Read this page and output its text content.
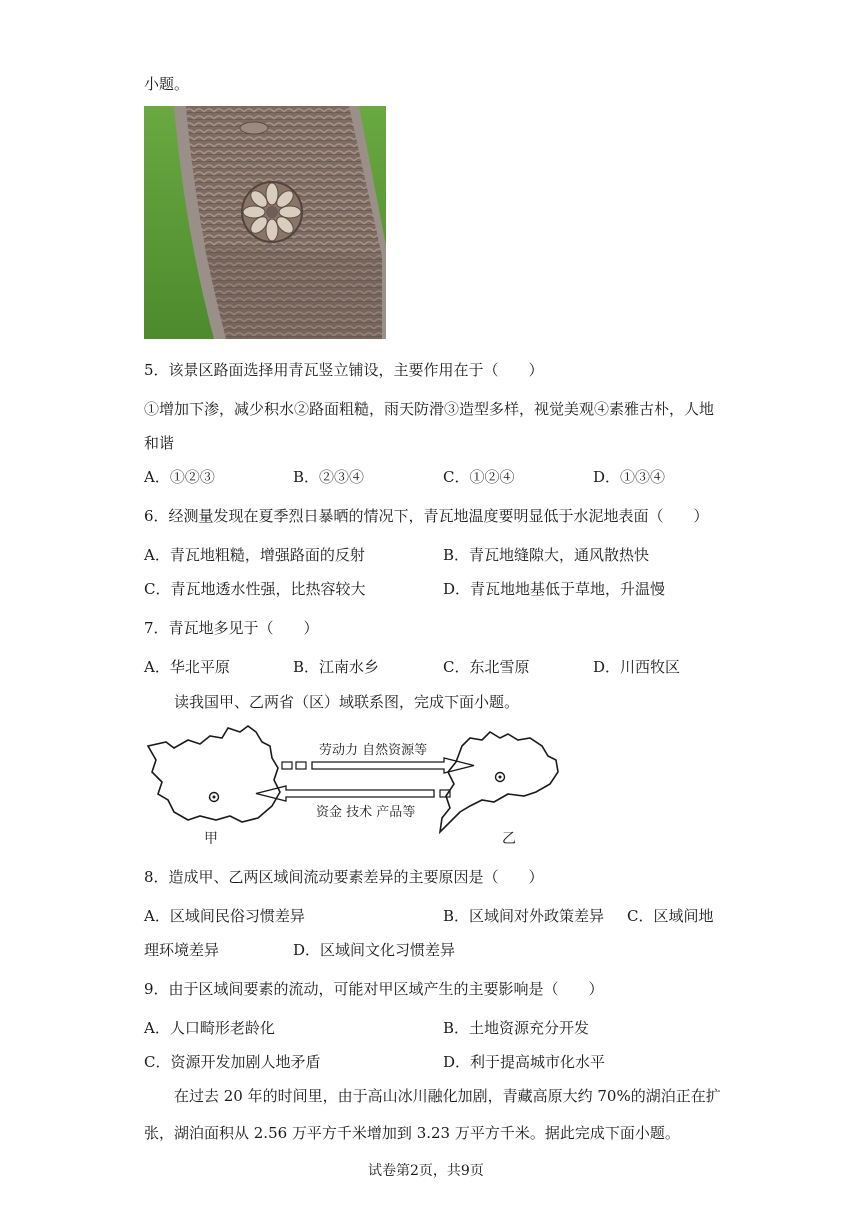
小题。
5．该景区路面选择用青瓦竖立铺设，主要作用在于（　　）
①增加下渗，减少积水②路面粗糙，雨天防滑③造型多样，视觉美观④素雅古朴，人地
和谐
A．①②③	B．②③④	C．①②④	D．①③④
6．经测量发现在夏季烈日暴晒的情况下，青瓦地温度要明显低于水泥地表面（　　）
A．青瓦地粗糙，增强路面的反射	B．青瓦地缝隙大，通风散热快
C．青瓦地透水性强，比热容较大	D．青瓦地地基低于草地，升温慢
7．青瓦地多见于（　　）
A．华北平原	B．江南水乡	C．东北雪原	D．川西牧区
读我国甲、乙两省（区）域联系图，完成下面小题。
劳动力 自然资源等
资金 技术 产品等
甲	乙
8．造成甲、乙两区域间流动要素差异的主要原因是（　　）
A．区域间民俗习惯差异	B．区域间对外政策差异 C．区域间地
理环境差异	D．区域间文化习惯差异
9．由于区域间要素的流动，可能对甲区域产生的主要影响是（　　）
A．人口畸形老龄化	B．土地资源充分开发
C．资源开发加剧人地矛盾	D．利于提高城市化水平
在过去 20 年的时间里，由于高山冰川融化加剧，青藏高原大约 70%的湖泊正在扩
张，湖泊面积从 2.56 万平方千米增加到 3.23 万平方千米。据此完成下面小题。
试卷第2页，共9页
